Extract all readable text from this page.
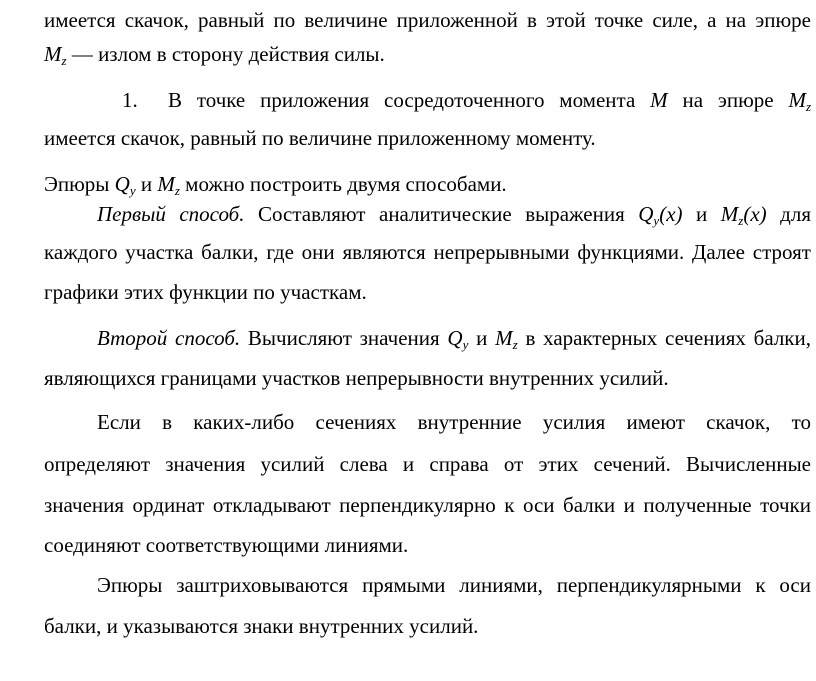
имеется скачок, равный по величине приложенной в этой точке силе, а на эпюре
$M_z$ — излом в сторону действия силы.
1. В точке приложения сосредоточенного момента M на эпюре $M_z$
имеется скачок, равный по величине приложенному моменту.
Эпюры $Q_y$ и $M_z$ можно построить двумя способами.
Первый способ. Составляют аналитические выражения $Q_y(x)$ и $M_z(x)$ для
каждого участка балки, где они являются непрерывными функциями. Далее строят
графики этих функции по участкам.
Второй способ. Вычисляют значения $Q_y$ и $M_z$ в характерных сечениях балки,
являющихся границами участков непрерывности внутренних усилий.
Если в каких-либо сечениях внутренние усилия имеют скачок, то
определяют значения усилий слева и справа от этих сечений. Вычисленные
значения ординат откладывают перпендикулярно к оси балки и полученные точки
соединяют соответствующими линиями.
Эпюры заштриховываются прямыми линиями, перпендикулярными к оси
балки, и указываются знаки внутренних усилий.
